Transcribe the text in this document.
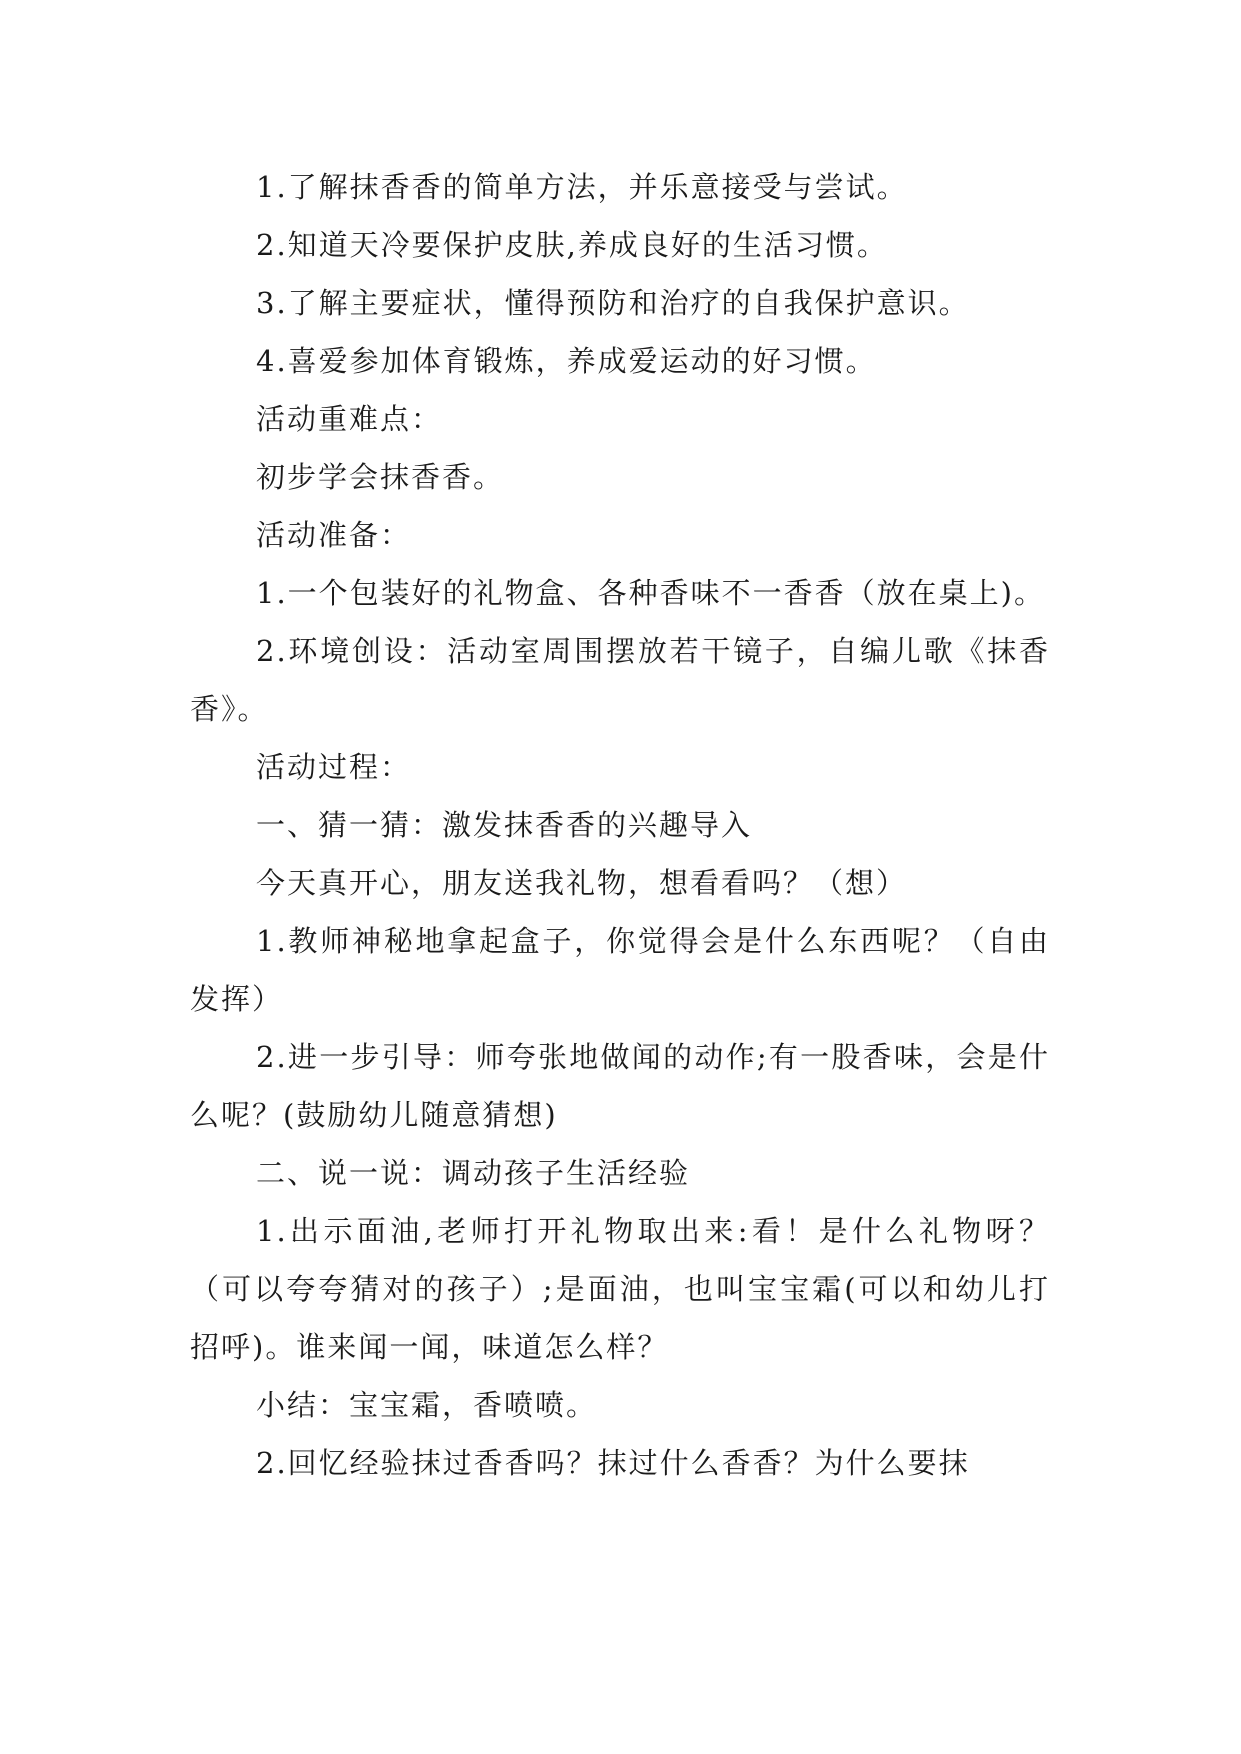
1.了解抹香香的简单方法，并乐意接受与尝试。

2.知道天冷要保护皮肤,养成良好的生活习惯。

3.了解主要症状，懂得预防和治疗的自我保护意识。

4.喜爱参加体育锻炼，养成爱运动的好习惯。

活动重难点：

初步学会抹香香。

活动准备：

1.一个包装好的礼物盒、各种香味不一香香（放在桌上)。

2.环境创设：活动室周围摆放若干镜子，自编儿歌《抹香香》。

活动过程：

一、猜一猜：激发抹香香的兴趣导入

今天真开心，朋友送我礼物，想看看吗？（想）

1.教师神秘地拿起盒子，你觉得会是什么东西呢？（自由发挥）

2.进一步引导：师夸张地做闻的动作;有一股香味，会是什么呢？(鼓励幼儿随意猜想)

二、说一说：调动孩子生活经验

1.出示面油,老师打开礼物取出来:看！是什么礼物呀？（可以夸夸猜对的孩子）;是面油，也叫宝宝霜(可以和幼儿打招呼)。谁来闻一闻，味道怎么样？

小结：宝宝霜，香喷喷。

2.回忆经验抹过香香吗？抹过什么香香？为什么要抹
